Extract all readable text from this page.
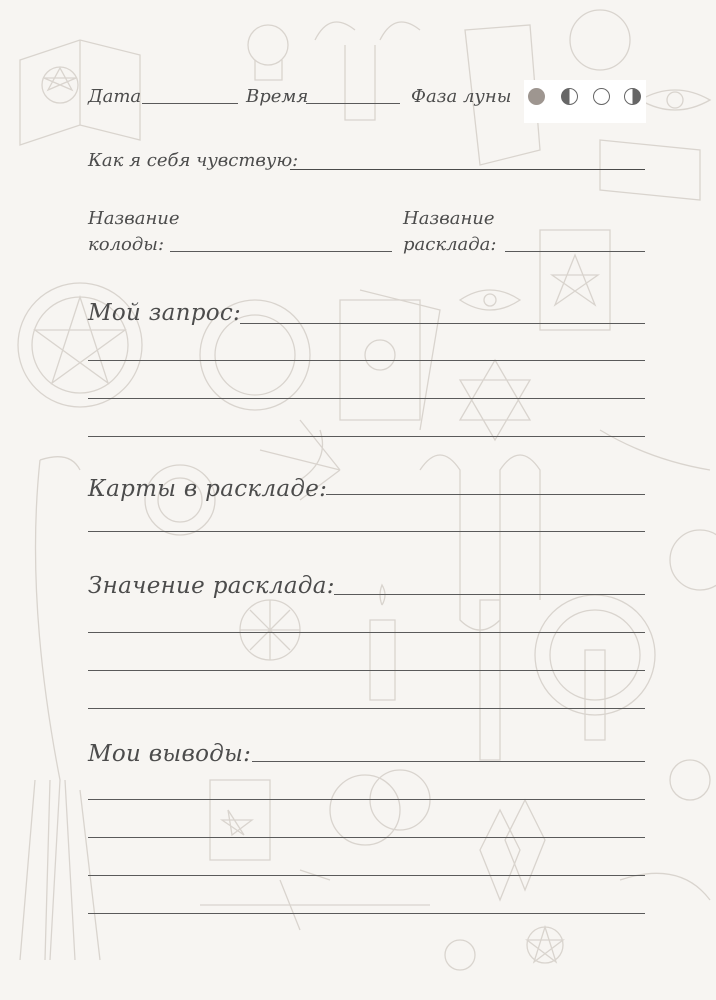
Дата	Время	Фаза луны
Как я себя чувствую:
Название
колоды:
Название
расклада:
Мой запрос:
Карты в раскладе:
Значение расклада:
Мои выводы:
